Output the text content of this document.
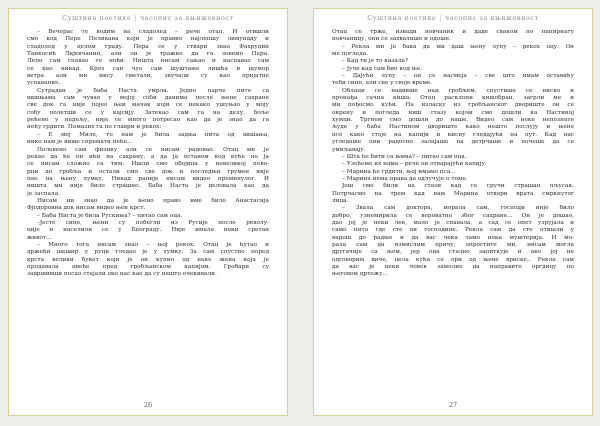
Суштина поетике | часопис за књижевност
– Вечерас те водим на сладолед – рече отац. И отишли
смо код Пере Пеливана који је правио најлепшу лимунаду и
сладолед у целом граду. Пера се у ствари звао Фахрудин
Танкосић Лијевчанин, али он је тражио да га зовемо Пера.
Лепо сам спавао те ноћи. Ништа нисам сањао и наспавао сам
се као никад. Кроз сан чуо сам шуштање лишћа и шумор
ветра али ми нису сметали, звучали су као пријатне
успаванке.
Сутрадан је баба Наста умрла. Једно парче пите са
вишњама сам чувао у мојој соби данима после њене сахране
све док га није појео њен мачак који се некако ушуњао у моју
собу полетши се у кајсију. Затекао сам га на делу, боље
рећено у недељу, није се много потресао као да је знао да га
нећу грдити. Помазих га по главри и рекох:
– Е мој Миле, то нам је била задња пита од вишања,
нико нам је више спремати неће...
Полевено сам физику али се нисам радовао. Отац ми је
рекао да ће он ићи на сахрану, а да ја останем код куће но ја
се нисам сложио са тим. Ишли смо обојица у невеликој пово-
рци до гробља и остали смо све док и последњи грумен није
пао на њену хумку. Никад раније нисам видео преминулог. И
ништа ми није било страшно. Баба Наста је деловала као да
је заспала.
Нисам ни знао да је њено право име било Анастасија
Фјодоровна док нисам видео њен крст.
– Баба Наста је била Рускиња? – питао сам оца.
–Јесте сине, њени су побегли из Русије после револу-
ције и населили се у Београду. Није имала неки сретан
живот...
– Много тога нисам знао – њој рекох. Отац је ћутао и
држећи шешир у руци гледао је у хумку. За сам спустно поред
крста велики букет који је он купио од неке жена која је
продавала цвеће пред гробљанском капијом. Гробари су
завршивши посао стајали око нас као да су нешто очекивали.
26
Суштина поетике | часопис за књижевност
Отац се трже, извади новчаник и даде сваком по папирнату
новчаницу, они се захвалише и одоше.
– Рекла ми је бака да ми даш њену лупу – рекох оцу. Он
ме погледа.
– Кад ти је то казала?
– Јуче кад сам био код ње.
– Дајући лупу – он се насмеја – све што имам оставићу
теби сине, али све у своје време.
Облаци се надвише над гробљем, спустише се ниско и
пронађа сачна киша. Отац расклопи кишобран, загрли ме и
ми пођосмо кући. На изласку из гробљанског двориште он се
окрену и погледа ниш стазу којом смо дошли ка Настиној
хумци. Тргнем смо дошли до наше. Видео сам неке непознате
људе у баба Настином двориште како нешто послују и њене
псе како стоје на капији и кисну гледајући на пут. Кад нас
угледаше они радосно залајаше па дотрчаше и почеше да се
умиљавају.
– Шта ће бити са њима? – питао сам оца.
– Узећемо их нама – рече он отварајући капију.
– Марина ће грдити, њој имамо пса...
– Марина нема права да одлучује о томе.
Још смо били на стази кад се сручи страшан пљусак.
Потрчасмо на трем кад нам Марина отвори врата смркнутог
лица.
– Звала сам доктора, морала сам, господи није било
добро, узнемирила се вероватно због сахране... Он је дошао,
дао јој је неки лек, мало је спавала, а сад се опет узрујала и
само пита где сте ви господине. Рекла сам да сте отишли у
варош до радње и да вас чека тамо нека муштерија. И мо-
рала сам да измислим причу, опростите ми, нисам могла
другачије са њом, јер она стално запиткује и ако јој не
одговорим вичe, цела кућа се ори од њене вриске,. Рекла сам
да вас је неки човек замолио да направите оргдицу по
његовом цртежу...
27
